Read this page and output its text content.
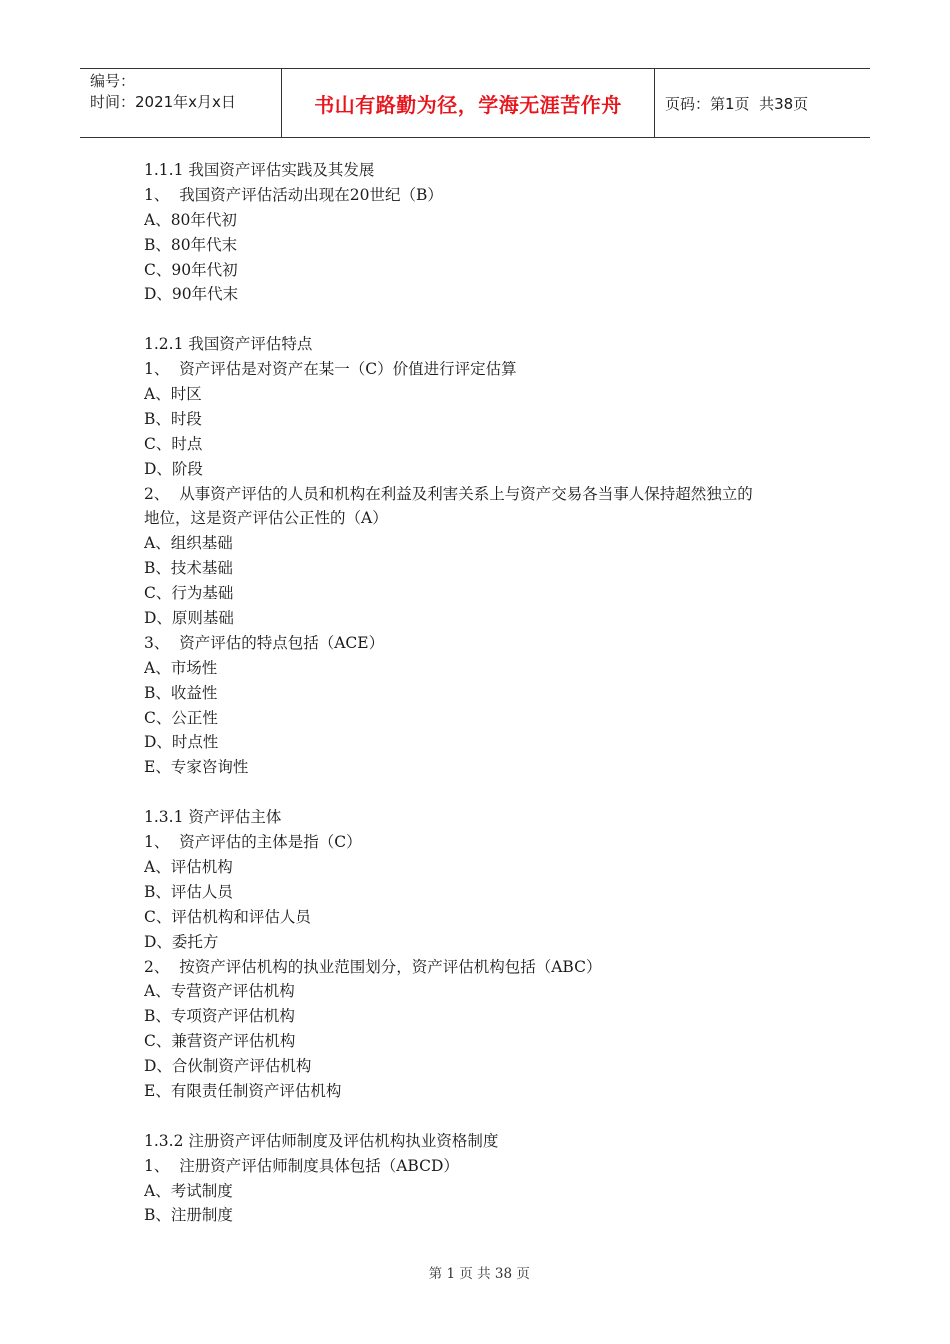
编号：
时间：2021年x月x日	书山有路勤为径，学海无涯苦作舟	页码：第1页  共38页
1.1.1 我国资产评估实践及其发展
1、  我国资产评估活动出现在20世纪（B）
A、80年代初
B、80年代末
C、90年代初
D、90年代末
1.2.1 我国资产评估特点
1、  资产评估是对资产在某一（C）价值进行评定估算
A、时区
B、时段
C、时点
D、阶段
2、  从事资产评估的人员和机构在利益及利害关系上与资产交易各当事人保持超然独立的
地位，这是资产评估公正性的（A）
A、组织基础
B、技术基础
C、行为基础
D、原则基础
3、  资产评估的特点包括（ACE）
A、市场性
B、收益性
C、公正性
D、时点性
E、专家咨询性
1.3.1 资产评估主体
1、  资产评估的主体是指（C）
A、评估机构
B、评估人员
C、评估机构和评估人员
D、委托方
2、  按资产评估机构的执业范围划分，资产评估机构包括（ABC）
A、专营资产评估机构
B、专项资产评估机构
C、兼营资产评估机构
D、合伙制资产评估机构
E、有限责任制资产评估机构
1.3.2 注册资产评估师制度及评估机构执业资格制度
1、  注册资产评估师制度具体包括（ABCD）
A、考试制度
B、注册制度

第 1 页 共 38 页
